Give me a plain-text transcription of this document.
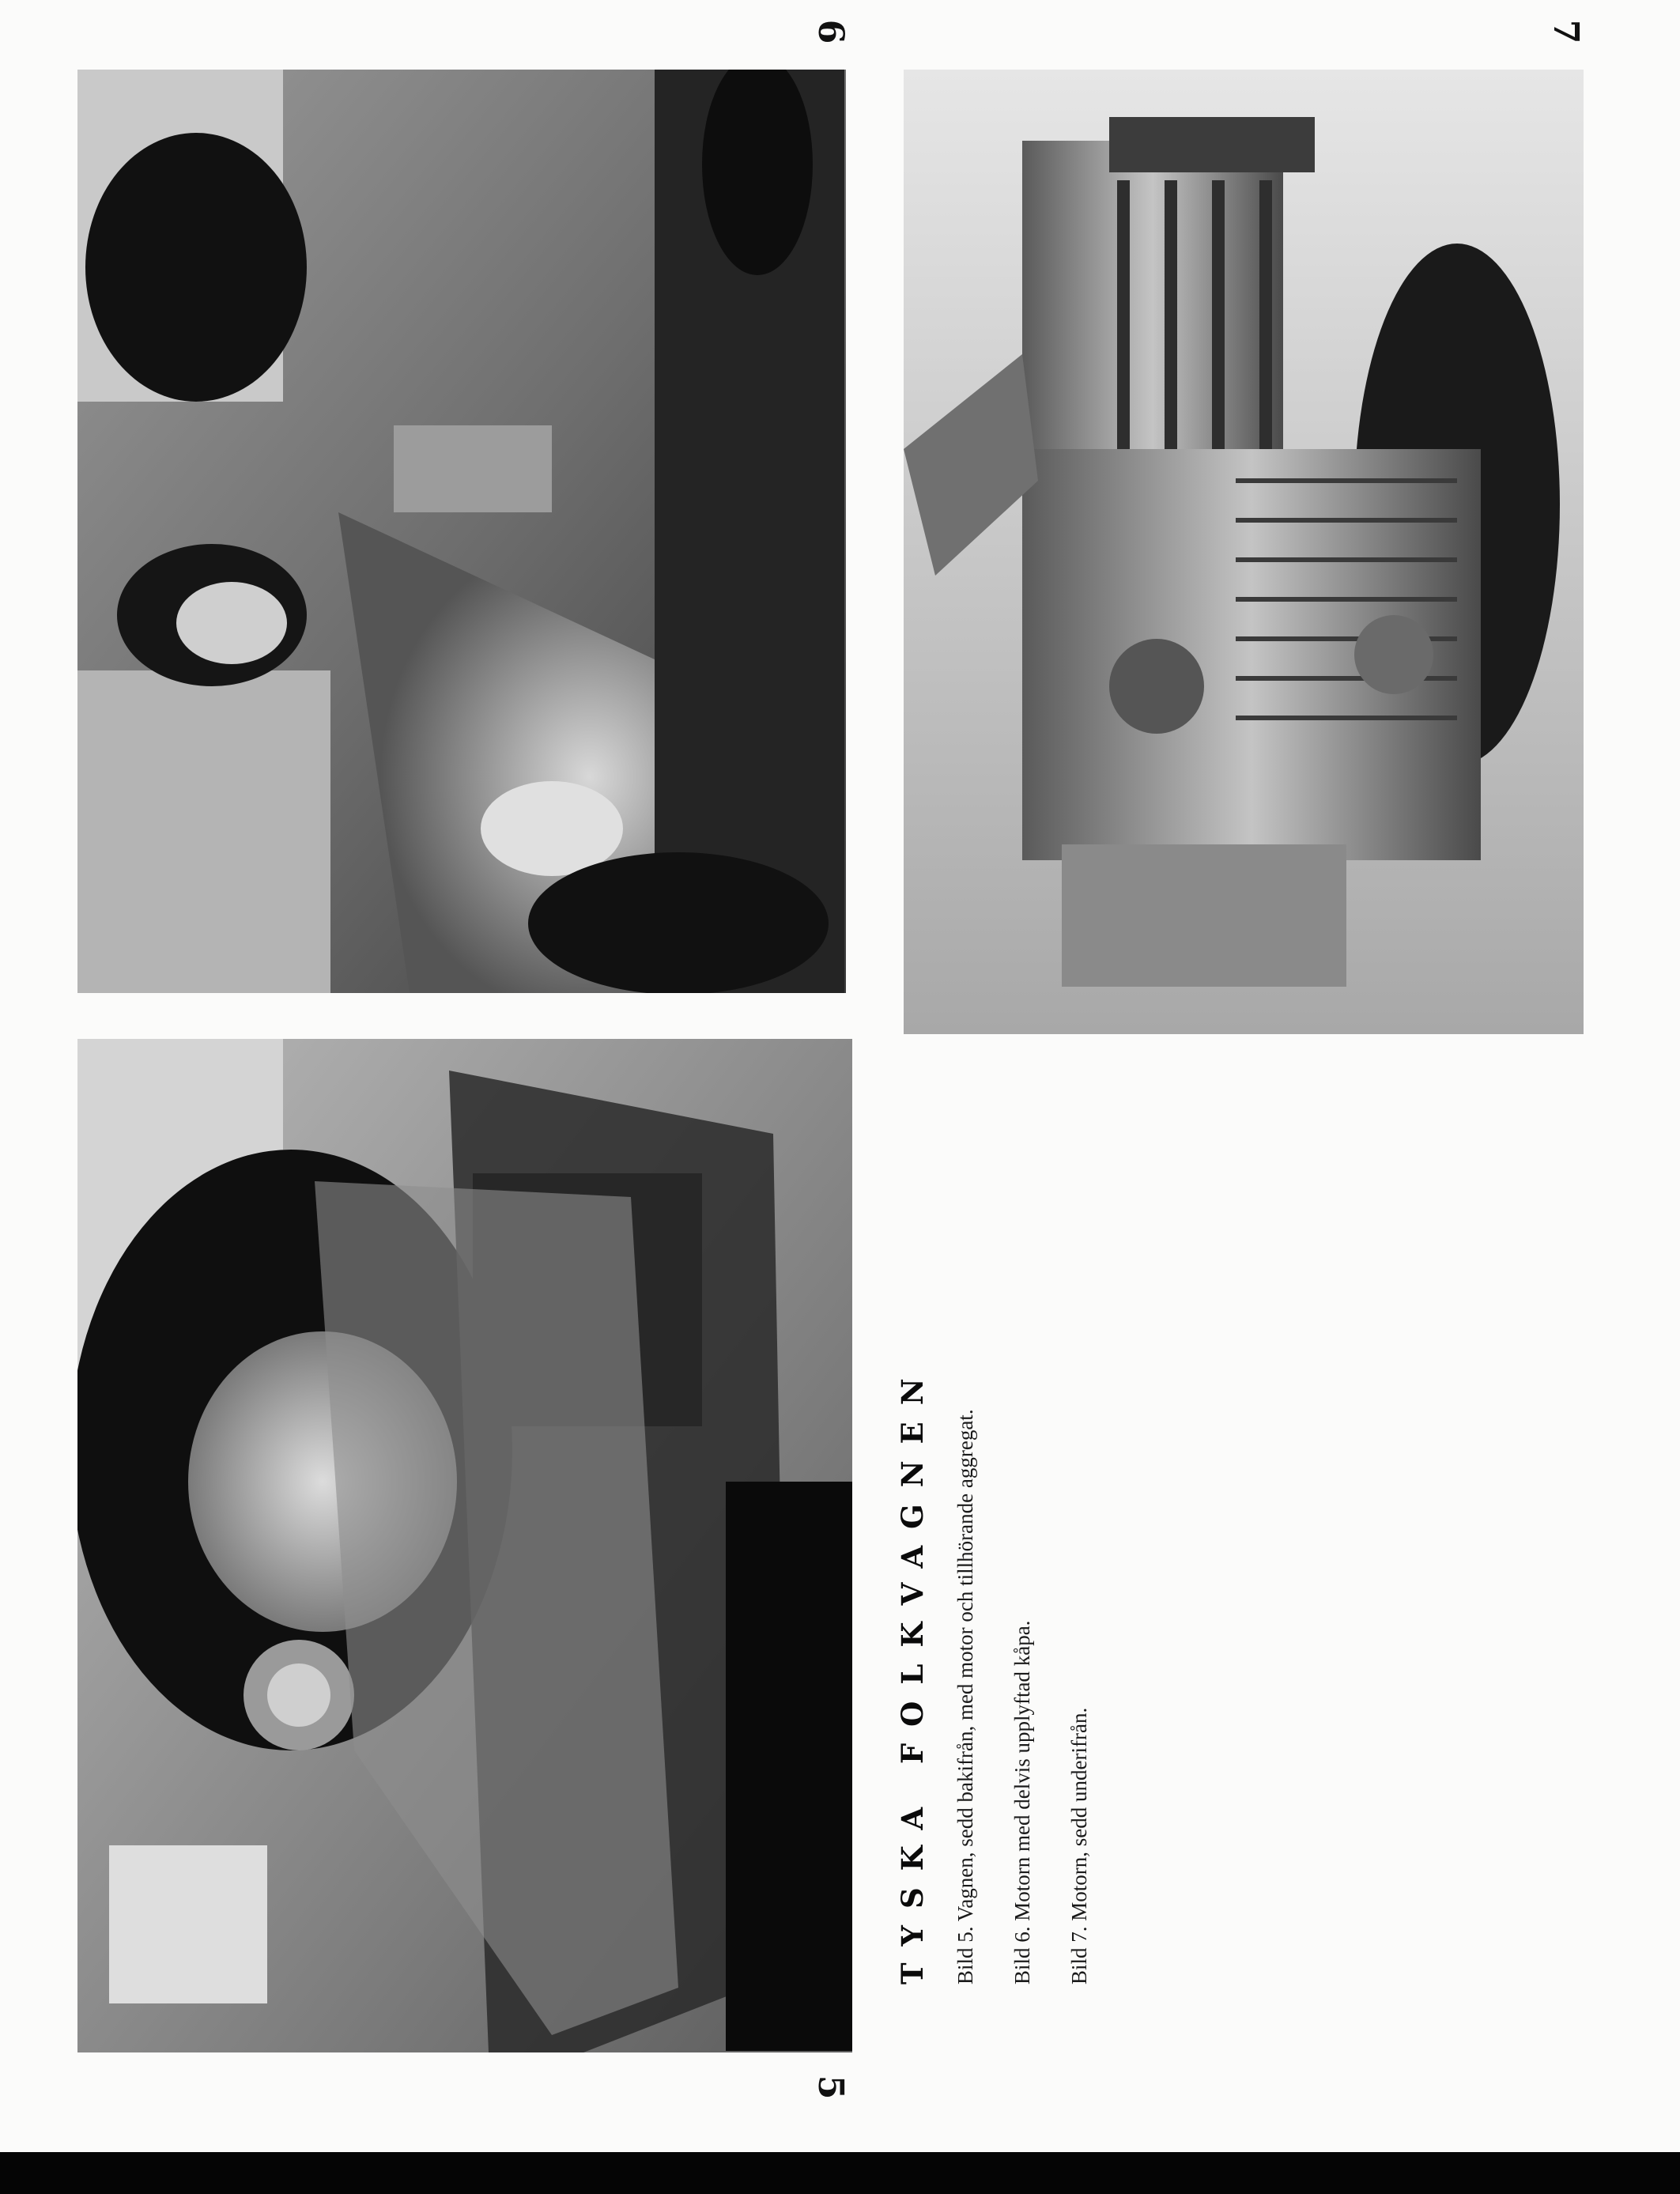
6	7
5
TYSKA FOLKVAGNEN Bild 5. Vagnen, sedd bakifrån, med motor och tillhörande aggregat. Bild 6. Motorn med delvis upplyftad kåpa. Bild 7. Motorn, sedd underifrån.
